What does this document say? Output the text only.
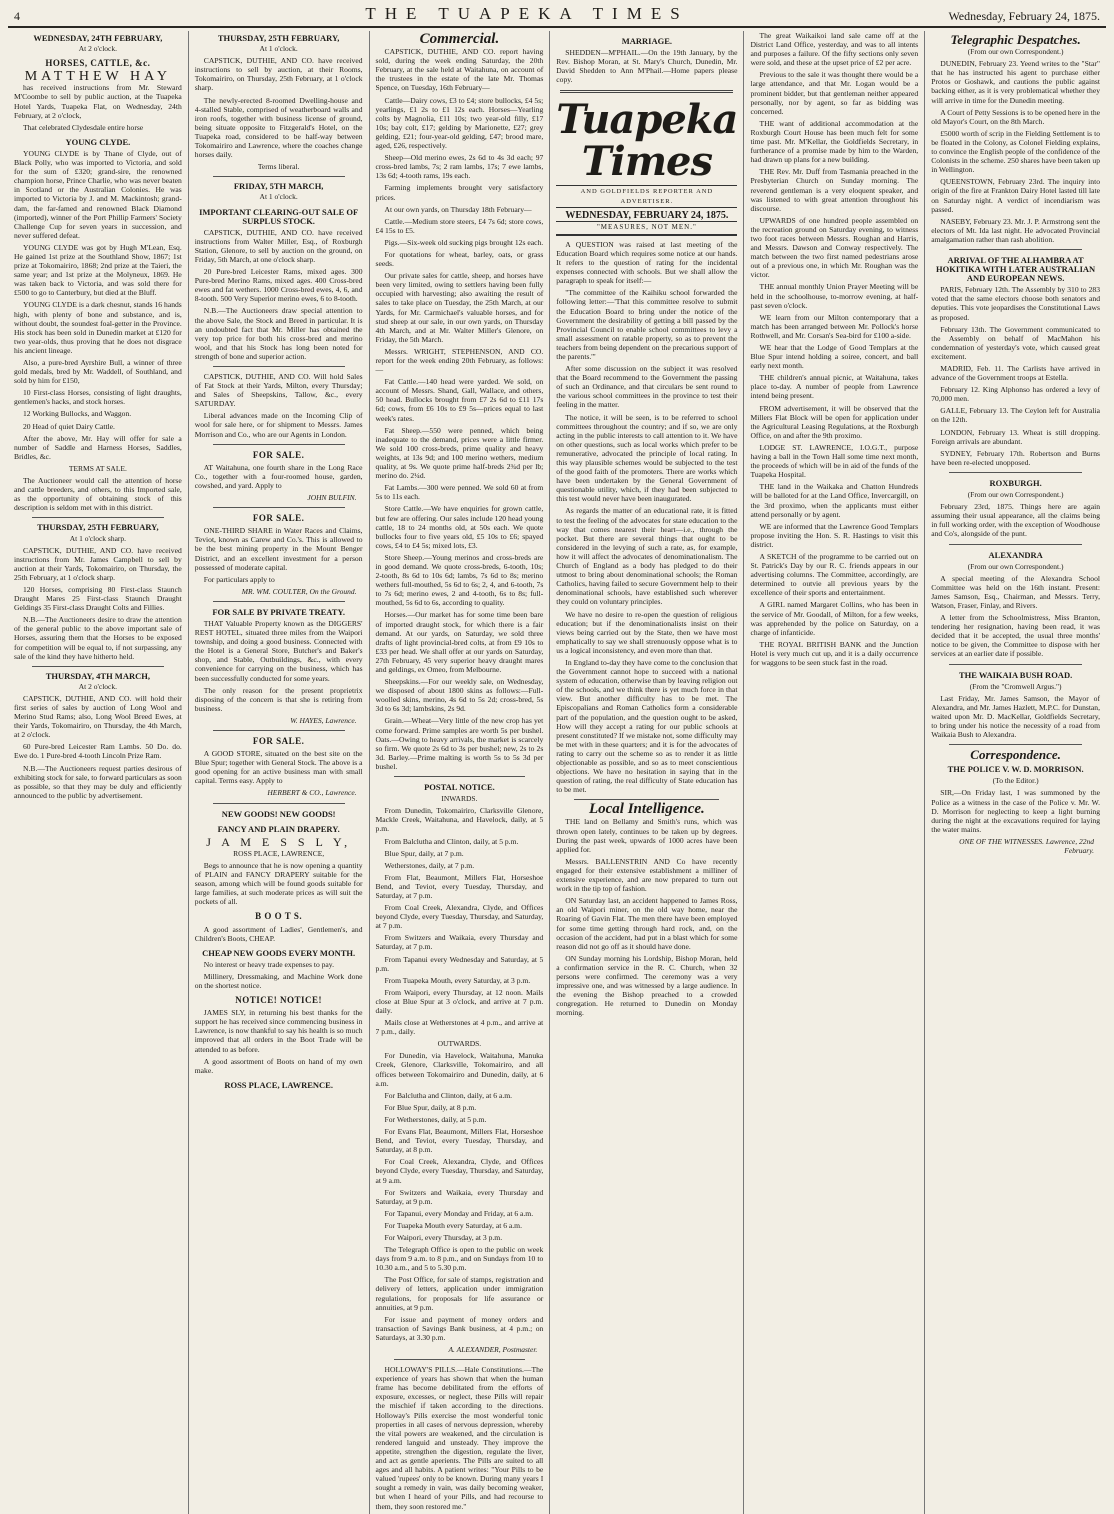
4	THE TUAPEKA TIMES	Wednesday, February 24, 1875.
WEDNESDAY, 24TH FEBRUARY,
At 2 o'clock.
HORSES, CATTLE, &c.
MATTHEW HAY

has received instructions from Mr. Steward M'Coombe to sell by public auction, at the Tuapeka Hotel Yards, Tuapeka Flat, on Wednesday, 24th February, at 2 o'clock,

That celebrated Clydesdale entire horse

YOUNG CLYDE.

YOUNG CLYDE is by Thane of Clyde, out of Black Polly, who was imported to Victoria, and sold for the sum of £320; grand-sire, the renowned champion horse, Prince Charlie, who was never beaten in Scotland or the Australian Colonies. He was imported to Victoria by J. and M. Mackintosh; grand-dam, the far-famed and renowned Black Diamond (imported), winner of the Port Phillip Farmers' Society Challenge Cup for seven years in succession, and never suffered defeat.

YOUNG CLYDE was got by Hugh M'Lean, Esq. He gained 1st prize at the Southland Show, 1867; 1st prize at Tokomairiro, 1868; 2nd prize at the Taieri, the same year; and 1st prize at the Molyneux, 1869. He was taken back to Victoria, and was sold there for £500 to go to Canterbury, but died at the Bluff.

YOUNG CLYDE is a dark chesnut, stands 16 hands high, with plenty of bone and substance, and is, without doubt, the soundest foal-getter in the Province. His stock has been sold in Dunedin market at £120 for two year-olds, thus proving that he does not disgrace his ancient lineage.

Also, a pure-bred Ayrshire Bull, a winner of three gold medals, bred by Mr. Waddell, of Southland, and sold by him for £150,

10 First-class Horses, consisting of light draughts, gentlemen's hacks, and stock horses.

12 Working Bullocks, and Waggon.

20 Head of quiet Dairy Cattle.

After the above, Mr. Hay will offer for sale a number of Saddle and Harness Horses, Saddles, Bridles, &c.

TERMS AT SALE.

The Auctioneer would call the attention of horse and cattle breeders, and others, to this Imported sale, as the opportunity of obtaining stock of this description is seldom met with in this district.

THURSDAY, 25TH FEBRUARY,
At 1 o'clock sharp.

CAPSTICK, DUTHIE, AND CO. have received instructions from Mr. James Campbell to sell by auction at their Yards, Tokomairiro, on Thursday, the 25th February, at 1 o'clock sharp.

120 Horses, comprising 80 First-class Staunch Draught Mares 25 First-class Staunch Draught Geldings 35 First-class Draught Colts and Fillies.

N.B.—The Auctioneers desire to draw the attention of the general public to the above important sale of Horses, assuring them that the Horses to be exposed for competition will be equal to, if not surpassing, any sale of the kind they have hitherto held.

THURSDAY, 4TH MARCH,
At 2 o'clock.

CAPSTICK, DUTHIE, AND CO. will hold their first series of sales by auction of Long Wool and Merino Stud Rams; also, Long Wool Breed Ewes, at their Yards, Tokomairiro, on Thursday, the 4th March, at 2 o'clock.

60 Pure-bred Leicester Ram Lambs. 50 Do. do. Ewe do. 1 Pure-bred 4-tooth Lincoln Prize Ram.

N.B.—The Auctioneers request parties desirous of exhibiting stock for sale, to forward particulars as soon as possible, so that they may be duly and efficiently announced to the public by advertisement.

THURSDAY, 25TH FEBRUARY,
At 1 o'clock.

CAPSTICK, DUTHIE, AND CO. have received instructions to sell by auction, at their Rooms, Tokomairiro, on Thursday, 25th February, at 1 o'clock sharp.

The newly-erected 8-roomed Dwelling-house and 4-stalled Stable, comprised of weatherboard walls and iron roofs, together with business license of ground, being situate opposite to Fitzgerald's Hotel, on the Tuapeka road, considered to be half-way between Tokomairiro and Lawrence, where the coaches change horses daily.

Terms liberal.
FRIDAY, 5TH MARCH,
At 1 o'clock.
IMPORTANT CLEARING-OUT SALE OF SURPLUS STOCK.

CAPSTICK, DUTHIE, AND CO. have received instructions from Walter Miller, Esq., of Roxburgh Station, Glenore, to sell by auction on the ground, on Friday, 5th March, at one o'clock sharp.

20 Pure-bred Leicester Rams, mixed ages. 300 Pure-bred Merino Rams, mixed ages. 400 Cross-bred ewes and fat wethers. 1000 Cross-bred ewes, 4, 6, and 8-tooth. 500 Very Superior merino ewes, 6 to 8-tooth.

N.B.—The Auctioneers draw special attention to the above Sale, the Stock and Breed in particular. It is an undoubted fact that Mr. Miller has obtained the very top price for both his cross-bred and merino wool, and that his Stock has long been noted for strength of bone and superior action.

CAPSTICK, DUTHIE, AND CO. Will hold Sales of Fat Stock at their Yards, Milton, every Thursday; and Sales of Sheepskins, Tallow, &c., every SATURDAY.

Liberal advances made on the Incoming Clip of wool for sale here, or for shipment to Messrs. James Morrison and Co., who are our Agents in London.

FOR SALE.

AT Waitahuna, one fourth share in the Long Race Co., together with a four-roomed house, garden, cowshed, and yard. Apply to

JOHN BULFIN.
FOR SALE.

ONE-THIRD SHARE in Water Races and Claims, Teviot, known as Carew and Co.'s. This is allowed to be the best mining property in the Mount Benger District, and an excellent investment for a person possessed of moderate capital.

For particulars apply to

MR. WM. COULTER, On the Ground.
FOR SALE BY PRIVATE TREATY.

THAT Valuable Property known as the DIGGERS' REST HOTEL, situated three miles from the Waipori township, and doing a good business. Connected with the Hotel is a General Store, Butcher's and Baker's shop, and Stable, Outbuildings, &c., with every convenience for carrying on the business, which has been successfully conducted for some years.

The only reason for the present proprietrix disposing of the concern is that she is retiring from business.

W. HAYES, Lawrence.
FOR SALE.

A GOOD STORE, situated on the best site on the Blue Spur; together with General Stock. The above is a good opening for an active business man with small capital. Terms easy. Apply to

HERBERT & CO., Lawrence.
NEW GOODS! NEW GOODS!
FANCY AND PLAIN DRAPERY.
J A M E S S L Y,
ROSS PLACE, LAWRENCE,

Begs to announce that he is now opening a quantity of PLAIN and FANCY DRAPERY suitable for the season, among which will be found goods suitable for large families, at such moderate prices as will suit the pockets of all.

B O O T S.

A good assortment of Ladies', Gentlemen's, and Children's Boots, CHEAP.

CHEAP NEW GOODS EVERY MONTH.

No interest or heavy trade expenses to pay.

Millinery, Dressmaking, and Machine Work done on the shortest notice.

NOTICE! NOTICE!

JAMES SLY, in returning his best thanks for the support he has received since commencing business in Lawrence, is now thankful to say his health is so much improved that all orders in the Boot Trade will be attended to as before.

A good assortment of Boots on hand of my own make.

ROSS PLACE, LAWRENCE.
Commercial.

CAPSTICK, DUTHIE, AND CO. report having sold, during the week ending Saturday, the 20th February, at the sale held at Waitahuna, on account of the trustees in the estate of the late Mr. Thomas Spence, on Tuesday, 16th February—

Cattle—Dairy cows, £3 to £4; store bullocks, £4 5s; yearlings, £1 2s to £1 12s each. Horses—Yearling colts by Magnolia, £11 10s; two year-old filly, £17 10s; bay colt, £17; gelding by Marionette, £27; grey gelding, £21; four-year-old gelding, £47; brood mare, aged, £26, respectively.

Sheep—Old merino ewes, 2s 6d to 4s 3d each; 97 cross-bred lambs, 7s; 2 ram lambs, 17s; 7 ewe lambs, 13s 6d; 4-tooth rams, 19s each.

Farming implements brought very satisfactory prices.

At our own yards, on Thursday 18th February—

Cattle.—Medium store steers, £4 7s 6d; store cows, £4 15s to £5.

Pigs.—Six-week old sucking pigs brought 12s each.

For quotations for wheat, barley, oats, or grass seeds.

Our private sales for cattle, sheep, and horses have been very limited, owing to settlers having been fully occupied with harvesting; also awaiting the result of sales to take place on Tuesday, the 25th March, at our Yards, for Mr. Carmichael's valuable horses, and for stud sheep at our sale, in our own yards, on Thursday 4th March, and at Mr. Walter Miller's Glenore, on Friday, the 5th March.

Messrs. WRIGHT, STEPHENSON, AND CO. report for the week ending 20th February, as follows:—

Fat Cattle.—140 head were yarded. We sold, on account of Messrs. Shand, Gall, Wallace, and others, 50 head. Bullocks brought from £7 2s 6d to £11 17s 6d; cows, from £6 10s to £9 5s—prices equal to last week's rates.

Fat Sheep.—550 were penned, which being inadequate to the demand, prices were a little firmer. We sold 100 cross-breds, prime quality and heavy weights, at 13s 9d; and 100 merino wethers, medium quality, at 9s. We quote prime half-breds 2¾d per lb; merino do. 2¼d.

Fat Lambs.—300 were penned. We sold 60 at from 5s to 11s each.

Store Cattle.—We have enquiries for grown cattle, but few are offering. Our sales include 120 head young cattle, 18 to 24 months old, at 50s each. We quote bullocks four to five years old, £5 10s to £6; spayed cows, £4 to £4 5s; mixed lots, £3.

Store Sheep.—Young merinos and cross-breds are in good demand. We quote cross-breds, 6-tooth, 10s; 2-tooth, 8s 6d to 10s 6d; lambs, 7s 6d to 8s; merino wethers full-mouthed, 5s 6d to 6s; 2, 4, and 6-tooth, 7s to 7s 6d; merino ewes, 2 and 4-tooth, 6s to 8s; full-mouthed, 5s 6d to 6s, according to quality.

Horses.—Our market has for some time been bare of imported draught stock, for which there is a fair demand. At our yards, on Saturday, we sold three drafts of light provincial-bred colts, at from £9 10s to £33 per head. We shall offer at our yards on Saturday, 27th February, 45 very superior heavy draught mares and geldings, ex Omeo, from Melbourne.

Sheepskins.—For our weekly sale, on Wednesday, we disposed of about 1800 skins as follows:—Full-woolled skins, merino, 4s 6d to 5s 2d; cross-bred, 5s 3d to 6s 3d; lambskins, 2s 9d.

Grain.—Wheat—Very little of the new crop has yet come forward. Prime samples are worth 5s per bushel. Oats.—Owing to heavy arrivals, the market is scarcely so firm. We quote 2s 6d to 3s per bushel; new, 2s to 2s 3d. Barley.—Prime malting is worth 5s to 5s 3d per bushel.

POSTAL NOTICE.
INWARDS.

From Dunedin, Tokomairiro, Clarksville Glenore, Mackle Creek, Waitahuna, and Havelock, daily, at 5 p.m.

From Balclutha and Clinton, daily, at 5 p.m.

Blue Spur, daily, at 7 p.m.

Wetherstones, daily, at 7 p.m.

From Flat, Beaumont, Millers Flat, Horseshoe Bend, and Teviot, every Tuesday, Thursday, and Saturday, at 7 p.m.

From Coal Creek, Alexandra, Clyde, and Offices beyond Clyde, every Tuesday, Thursday, and Saturday, at 7 p.m.

From Switzers and Waikaia, every Thursday and Saturday, at 7 p.m.

From Tapanui every Wednesday and Saturday, at 5 p.m.

From Tuapeka Mouth, every Saturday, at 3 p.m.

From Waipori, every Thursday, at 12 noon. Mails close at Blue Spur at 3 o'clock, and arrive at 7 p.m. daily.

Mails close at Wetherstones at 4 p.m., and arrive at 7 p.m., daily.

OUTWARDS.

For Dunedin, via Havelock, Waitahuna, Manuka Creek, Glenore, Clarksville, Tokomairiro, and all offices between Tokomairiro and Dunedin, daily, at 6 a.m.

For Balclutha and Clinton, daily, at 6 a.m.

For Blue Spur, daily, at 8 p.m.

For Wetherstones, daily, at 5 p.m.

For Evans Flat, Beaumont, Millers Flat, Horseshoe Bend, and Teviot, every Tuesday, Thursday, and Saturday, at 8 p.m.

For Coal Creek, Alexandra, Clyde, and Offices beyond Clyde, every Tuesday, Thursday, and Saturday, at 9 a.m.

For Switzers and Waikaia, every Thursday and Saturday, at 9 p.m.

For Tapanui, every Monday and Friday, at 6 a.m.

For Tuapeka Mouth every Saturday, at 6 a.m.

For Waipori, every Thursday, at 3 p.m.

The Telegraph Office is open to the public on week days from 9 a.m. to 8 p.m., and on Sundays from 10 to 10.30 a.m., and 5 to 5.30 p.m.

The Post Office, for sale of stamps, registration and delivery of letters, application under immigration regulations, for proposals for life assurance or annuities, at 9 p.m.

For issue and payment of money orders and transaction of Savings Bank business, at 4 p.m.; on Saturdays, at 3.30 p.m.

A. ALEXANDER, Postmaster.

HOLLOWAY'S PILLS.—Hale Constitutions.—The experience of years has shown that when the human frame has become debilitated from the efforts of exposure, excesses, or neglect, these Pills will repair the mischief if taken according to the directions. Holloway's Pills exercise the most wonderful tonic properties in all cases of nervous depression, whereby the vital powers are weakened, and the circulation is rendered languid and unsteady. They improve the appetite, strengthen the digestion, regulate the liver, and act as gentle aperients. The Pills are suited to all ages and all habits. A patient writes: "Your Pills to be valued 'rupees' only to be known. During many years I sought a remedy in vain, was daily becoming weaker, but when I heard of your Pills, and had recourse to them, they soon restored me."

MARRIAGE.

SHEDDEN—M'PHAIL.—On the 19th January, by the Rev. Bishop Moran, at St. Mary's Church, Dunedin, Mr. David Shedden to Ann M'Phail.—Home papers please copy.

Tuapeka Times
AND GOLDFIELDS REPORTER AND ADVERTISER.
WEDNESDAY, FEBRUARY 24, 1875.
"MEASURES, NOT MEN."

A QUESTION was raised at last meeting of the Education Board which requires some notice at our hands. It refers to the question of rating for the incidental expenses connected with schools. But we shall allow the paragraph to speak for itself:—

"The committee of the Kaihiku school forwarded the following letter:—'That this committee resolve to submit the Education Board to bring under the notice of the Government the desirability of getting a bill passed by the Provincial Council to enable school committees to levy a small assessment on ratable property, so as to prevent the teachers from being dependent on the precarious support of the parents.'"

After some discussion on the subject it was resolved that the Board recommend to the Government the passing of such an Ordinance, and that circulars be sent round to the various school committees in the province to test their feeling in the matter.

The notice, it will be seen, is to be referred to school committees throughout the country; and if so, we are only acting in the public interests to call attention to it. We have on other questions, such as local works which prefer to be remunerative, advocated the principle of local rating. In this way plausible schemes would be subjected to the test of the good faith of the promoters. There are works which have been undertaken by the General Government of questionable utility, which, if they had been subjected to this test would never have been inaugurated.

As regards the matter of an educational rate, it is fitted to test the feeling of the advocates for state education to the way that comes nearest their heart—i.e., through the pocket. But there are several things that ought to be considered in the levying of such a rate, as, for example, how it will affect the advocates of denominationalism. The Church of England as a body has pledged to do their utmost to bring about denominational schools; the Roman Catholics, having failed to secure Government help to their denominational schools, have established such wherever they could on voluntary principles.

We have no desire to re-open the question of religious education; but if the denominationalists insist on their views being carried out by the State, then we have most emphatically to say we shall strenuously oppose what is to us a logical inconsistency, and even more than that.

In England to-day they have come to the conclusion that the Government cannot hope to succeed with a national system of education, otherwise than by leaving religion out of the schools, and we think there is yet much force in that view. But another difficulty has to be met. The Episcopalians and Roman Catholics form a considerable part of the population, and the question ought to be asked, How will they accept a rating for our public schools at present constituted? If we mistake not, some difficulty may be met with in these quarters; and it is for the advocates of rating to carry out the scheme so as to render it as little objectionable as possible, and so as to meet conscientious objections. We have no hesitation in saying that in the question of rating, the real difficulty of State education has to be met.

Local Intelligence.

THE land on Bellamy and Smith's runs, which was thrown open lately, continues to be taken up by degrees. During the past week, upwards of 1000 acres have been applied for.

Messrs. BALLENSTRIN AND Co have recently engaged for their extensive establishment a milliner of extensive experience, and are now prepared to turn out work in the tip top of fashion.

ON Saturday last, an accident happened to James Ross, an old Waipori miner, on the old way home, near the Roaring of Gavin Flat. The men there have been employed for some time getting through hard rock, and, on the occasion of the accident, had put in a blast which for some reason did not go off as it should have done.

ON Sunday morning his Lordship, Bishop Moran, held a confirmation service in the R. C. Church, when 32 persons were confirmed. The ceremony was a very impressive one, and was witnessed by a large audience. In the evening the Bishop preached to a crowded congregation. He returned to Dunedin on Monday morning.

The great Waikaikoi land sale came off at the District Land Office, yesterday, and was to all intents and purposes a failure. Of the fifty sections only seven were sold, and these at the upset price of £2 per acre.

Previous to the sale it was thought there would be a large attendance, and that Mr. Logan would be a prominent bidder, but that gentleman neither appeared personally, nor by agent, so far as bidding was concerned.

THE want of additional accommodation at the Roxburgh Court House has been much felt for some time past. Mr. M'Kellar, the Goldfields Secretary, in furtherance of a promise made by him to the Warden, had drawn up plans for a new building.

THE Rev. Mr. Duff from Tasmania preached in the Presbyterian Church on Sunday morning. The reverend gentleman is a very eloquent speaker, and was listened to with great attention throughout his discourse.

UPWARDS of one hundred people assembled on the recreation ground on Saturday evening, to witness two foot races between Messrs. Roughan and Harris, and Messrs. Dawson and Conway respectively. The match between the two first named pedestrians arose out of a previous one, in which Mr. Roughan was the victor.

THE annual monthly Union Prayer Meeting will be held in the schoolhouse, to-morrow evening, at half-past seven o'clock.

WE learn from our Milton contemporary that a match has been arranged between Mr. Pollock's horse Rothwell, and Mr. Corsan's Sea-bird for £100 a-side.

WE hear that the Lodge of Good Templars at the Blue Spur intend holding a soiree, concert, and ball early next month.

THE children's annual picnic, at Waitahuna, takes place to-day. A number of people from Lawrence intend being present.

FROM advertisement, it will be observed that the Millers Flat Block will be open for application under the Agricultural Leasing Regulations, at the Roxburgh Office, on and after the 9th proximo.

LODGE ST. LAWRENCE, I.O.G.T., purpose having a ball in the Town Hall some time next month, the proceeds of which will be in aid of the funds of the Tuapeka Hospital.

THE land in the Waikaka and Chatton Hundreds will be balloted for at the Land Office, Invercargill, on the 3rd proximo, when the applicants must either attend personally or by agent.

WE are informed that the Lawrence Good Templars propose inviting the Hon. S. R. Hastings to visit this district.

A SKETCH of the programme to be carried out on St. Patrick's Day by our R. C. friends appears in our advertising columns. The Committee, accordingly, are determined to outvie all previous years by the excellence of their sports and entertainment.

A GIRL named Margaret Collins, who has been in the service of Mr. Goodall, of Milton, for a few weeks, was apprehended by the police on Saturday, on a charge of infanticide.

THE ROYAL BRITISH BANK and the Junction Hotel is very much cut up, and it is a daily occurrence for waggons to be seen stuck fast in the road.

Telegraphic Despatches.
(From our own Correspondent.)

DUNEDIN, February 23. Yeend writes to the "Star" that he has instructed his agent to purchase either Protos or Goshawk, and cautions the public against backing either, as it is very problematical whether they will arrive in time for the Dunedin meeting.

A Court of Petty Sessions is to be opened here in the old Mayor's Court, on the 8th March.

£5000 worth of scrip in the Fielding Settlement is to be floated in the Colony, as Colonel Fielding explains, to convince the English people of the confidence of the Colonists in the scheme. 250 shares have been taken up in Wellington.

QUEENSTOWN, February 23rd. The inquiry into origin of the fire at Frankton Dairy Hotel lasted till late on Saturday night. A verdict of incendiarism was passed.

NASEBY, February 23. Mr. J. P. Armstrong sent the electors of Mt. Ida last night. He advocated Provincial amalgamation rather than rash abolition.

ARRIVAL OF THE ALHAMBRA AT HOKITIKA WITH LATER AUSTRALIAN AND EUROPEAN NEWS.

PARIS, February 12th. The Assembly by 310 to 283 voted that the same electors choose both senators and deputies. This vote jeopardises the Constitutional Laws as proposed.

February 13th. The Government communicated to the Assembly on behalf of MacMahon his condemnation of yesterday's vote, which caused great excitement.

MADRID, Feb. 11. The Carlists have arrived in advance of the Government troops at Estella.

February 12. King Alphonso has ordered a levy of 70,000 men.

GALLE, February 13. The Ceylon left for Australia on the 12th.

LONDON, February 13. Wheat is still dropping. Foreign arrivals are abundant.

SYDNEY, February 17th. Robertson and Burns have been re-elected unopposed.

ROXBURGH.
(From our own Correspondent.)

February 23rd, 1875. Things here are again assuming their usual appearance, all the claims being in full working order, with the exception of Woodhouse and Co's, alongside of the punt.

ALEXANDRA
(From our own Correspondent.)

A special meeting of the Alexandra School Committee was held on the 16th instant. Present: James Samson, Esq., Chairman, and Messrs. Terry, Watson, Fraser, Finlay, and Rivers.

A letter from the Schoolmistress, Miss Branton, tendering her resignation, having been read, it was decided that it be accepted, the usual three months' notice to be given, the Committee to dispose with her services at an earlier date if possible.

THE WAIKAIA BUSH ROAD.
(From the "Cromwell Argus.")

Last Friday, Mr. James Samson, the Mayor of Alexandra, and Mr. James Hazlett, M.P.C. for Dunstan, waited upon Mr. D. MacKellar, Goldfields Secretary, to bring under his notice the necessity of a road from Waikaia Bush to Alexandra.

Correspondence.
THE POLICE V. W. D. MORRISON.
(To the Editor.)

SIR,—On Friday last, I was summoned by the Police as a witness in the case of the Police v. Mr. W. D. Morrison for neglecting to keep a light burning during the night at the excavations required for laying the water mains.

ONE OF THE WITNESSES. Lawrence, 22nd February.
